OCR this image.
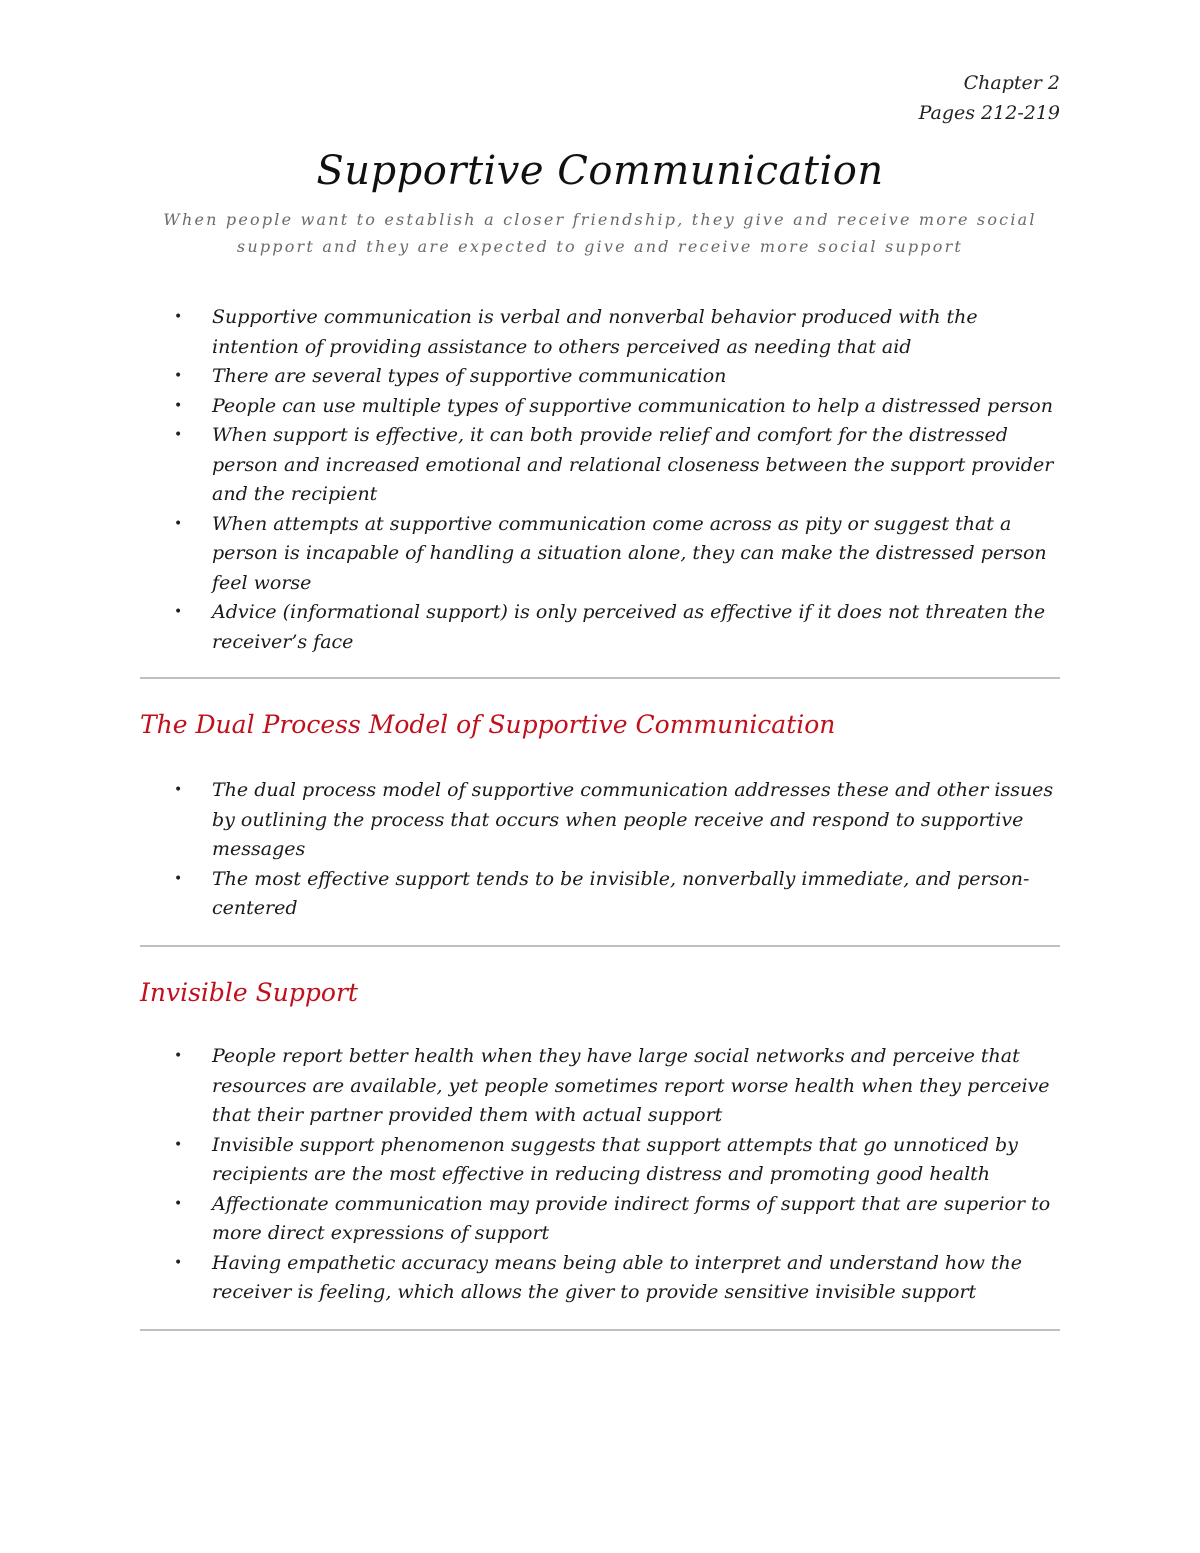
Chapter 2
Pages 212-219
Supportive Communication
When people want to establish a closer friendship, they give and receive more social support and they are expected to give and receive more social support
• Supportive communication is verbal and nonverbal behavior produced with the intention of providing assistance to others perceived as needing that aid
• There are several types of supportive communication
• People can use multiple types of supportive communication to help a distressed person
• When support is effective, it can both provide relief and comfort for the distressed person and increased emotional and relational closeness between the support provider and the recipient
• When attempts at supportive communication come across as pity or suggest that a person is incapable of handling a situation alone, they can make the distressed person feel worse
• Advice (informational support) is only perceived as effective if it does not threaten the receiver’s face
The Dual Process Model of Supportive Communication
• The dual process model of supportive communication addresses these and other issues by outlining the process that occurs when people receive and respond to supportive messages
• The most effective support tends to be invisible, nonverbally immediate, and person-centered
Invisible Support
• People report better health when they have large social networks and perceive that resources are available, yet people sometimes report worse health when they perceive that their partner provided them with actual support
• Invisible support phenomenon suggests that support attempts that go unnoticed by recipients are the most effective in reducing distress and promoting good health
• Affectionate communication may provide indirect forms of support that are superior to more direct expressions of support
• Having empathetic accuracy means being able to interpret and understand how the receiver is feeling, which allows the giver to provide sensitive invisible support
